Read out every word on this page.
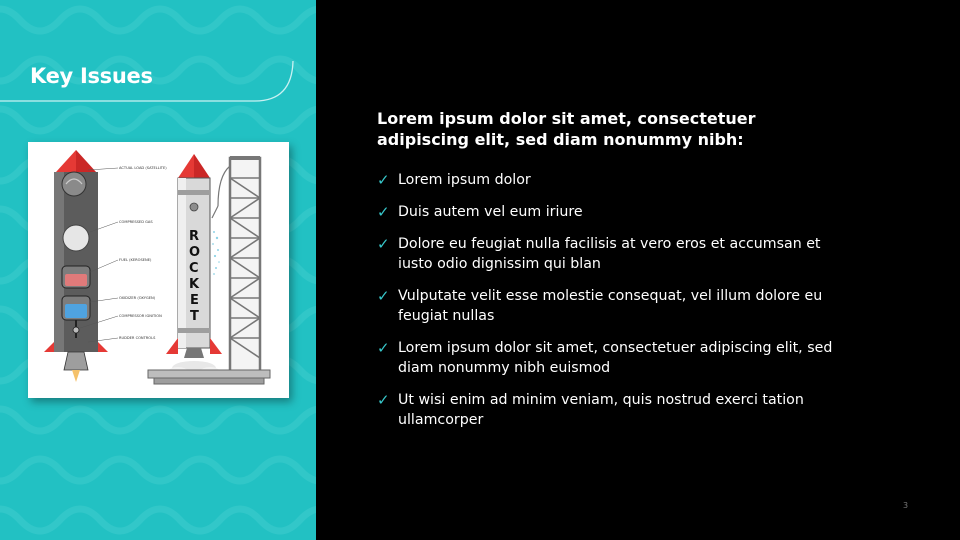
Key Issues
ACTUAL LOAD (SATELLITE)
COMPRESSED GAS
FUEL (KEROSENE)
OXIDIZER (OXYGEN)
COMPRESSOR IGNITION
RUDDER CONTROLS
R
O
C
K
E
T

Lorem ipsum dolor sit amet, consectetuer adipiscing elit, sed diam nonummy nibh:

✓ Lorem ipsum dolor
✓ Duis autem vel eum iriure
✓ Dolore eu feugiat nulla facilisis at vero eros et accumsan et iusto odio dignissim qui blan
✓ Vulputate velit esse molestie consequat, vel illum dolore eu feugiat nullas
✓ Lorem ipsum dolor sit amet, consectetuer adipiscing elit, sed diam nonummy nibh euismod
✓ Ut wisi enim ad minim veniam, quis nostrud exerci tation ullamcorper
3
